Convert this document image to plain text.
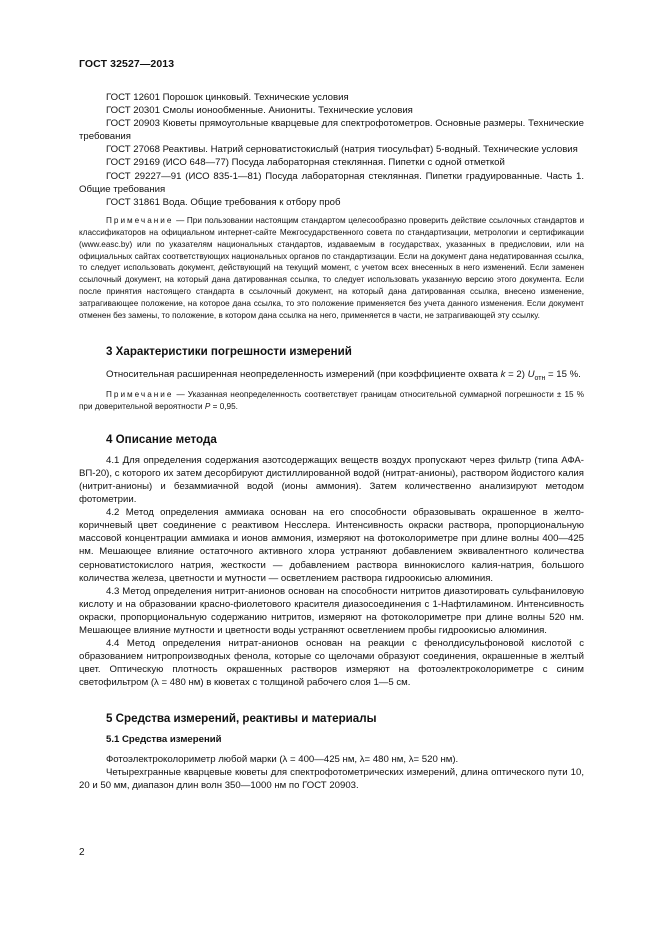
ГОСТ 32527—2013

ГОСТ 12601 Порошок цинковый. Технические условия

ГОСТ 20301 Смолы ионообменные. Аниониты. Технические условия

ГОСТ 20903 Кюветы прямоугольные кварцевые для спектрофотометров. Основные размеры. Технические требования

ГОСТ 27068 Реактивы. Натрий серноватистокислый (натрия тиосульфат) 5-водный. Технические условия

ГОСТ 29169 (ИСО 648—77) Посуда лабораторная стеклянная. Пипетки с одной отметкой

ГОСТ 29227—91 (ИСО 835-1—81) Посуда лабораторная стеклянная. Пипетки градуированные. Часть 1. Общие требования

ГОСТ 31861 Вода. Общие требования к отбору проб

Примечание — При пользовании настоящим стандартом целесообразно проверить действие ссылочных стандартов и классификаторов на официальном интернет-сайте Межгосударственного совета по стандартизации, метрологии и сертификации (www.easc.by) или по указателям национальных стандартов, издаваемым в государствах, указанных в предисловии, или на официальных сайтах соответствующих национальных органов по стандартизации. Если на документ дана недатированная ссылка, то следует использовать документ, действующий на текущий момент, с учетом всех внесенных в него изменений. Если заменен ссылочный документ, на который дана датированная ссылка, то следует использовать указанную версию этого документа. Если после принятия настоящего стандарта в ссылочный документ, на который дана датированная ссылка, внесено изменение, затрагивающее положение, на которое дана ссылка, то это положение применяется без учета данного изменения. Если документ отменен без замены, то положение, в котором дана ссылка на него, применяется в части, не затрагивающей эту ссылку.

3 Характеристики погрешности измерений

Относительная расширенная неопределенность измерений (при коэффициенте охвата k = 2) $U_{отн} = 15$ %.

Примечание — Указанная неопределенность соответствует границам относительной суммарной погрешности ± 15 % при доверительной вероятности P = 0,95.

4 Описание метода

4.1 Для определения содержания азотсодержащих веществ воздух пропускают через фильтр (типа АФА-ВП-20), с которого их затем десорбируют дистиллированной водой (нитрат-анионы), раствором йодистого калия (нитрит-анионы) и безаммиачной водой (ионы аммония). Затем количественно анализируют методом фотометрии.

4.2 Метод определения аммиака основан на его способности образовывать окрашенное в желто-коричневый цвет соединение с реактивом Несслера. Интенсивность окраски раствора, пропорциональную массовой концентрации аммиака и ионов аммония, измеряют на фотоколориметре при длине волны 400—425 нм. Мешающее влияние остаточного активного хлора устраняют добавлением эквивалентного количества серноватистокислого натрия, жесткости — добавлением раствора виннокислого калия-натрия, большого количества железа, цветности и мутности — осветлением раствора гидроокисью алюминия.

4.3 Метод определения нитрит-анионов основан на способности нитритов диазотировать сульфаниловую кислоту и на образовании красно-фиолетового красителя диазосоединения с 1-Нафтиламином. Интенсивность окраски, пропорциональную содержанию нитритов, измеряют на фотоколориметре при длине волны 520 нм. Мешающее влияние мутности и цветности воды устраняют осветлением пробы гидроокисью алюминия.

4.4 Метод определения нитрат-анионов основан на реакции с фенолдисульфоновой кислотой с образованием нитропроизводных фенола, которые со щелочами образуют соединения, окрашенные в желтый цвет. Оптическую плотность окрашенных растворов измеряют на фотоэлектроколориметре с синим светофильтром (λ = 480 нм) в кюветах с толщиной рабочего слоя 1—5 см.

5 Средства измерений, реактивы и материалы
5.1 Средства измерений

Фотоэлектроколориметр любой марки (λ = 400—425 нм, λ= 480 нм, λ= 520 нм).

Четырехгранные кварцевые кюветы для спектрофотометрических измерений, длина оптического пути 10, 20 и 50 мм, диапазон длин волн 350—1000 нм по ГОСТ 20903.

2
